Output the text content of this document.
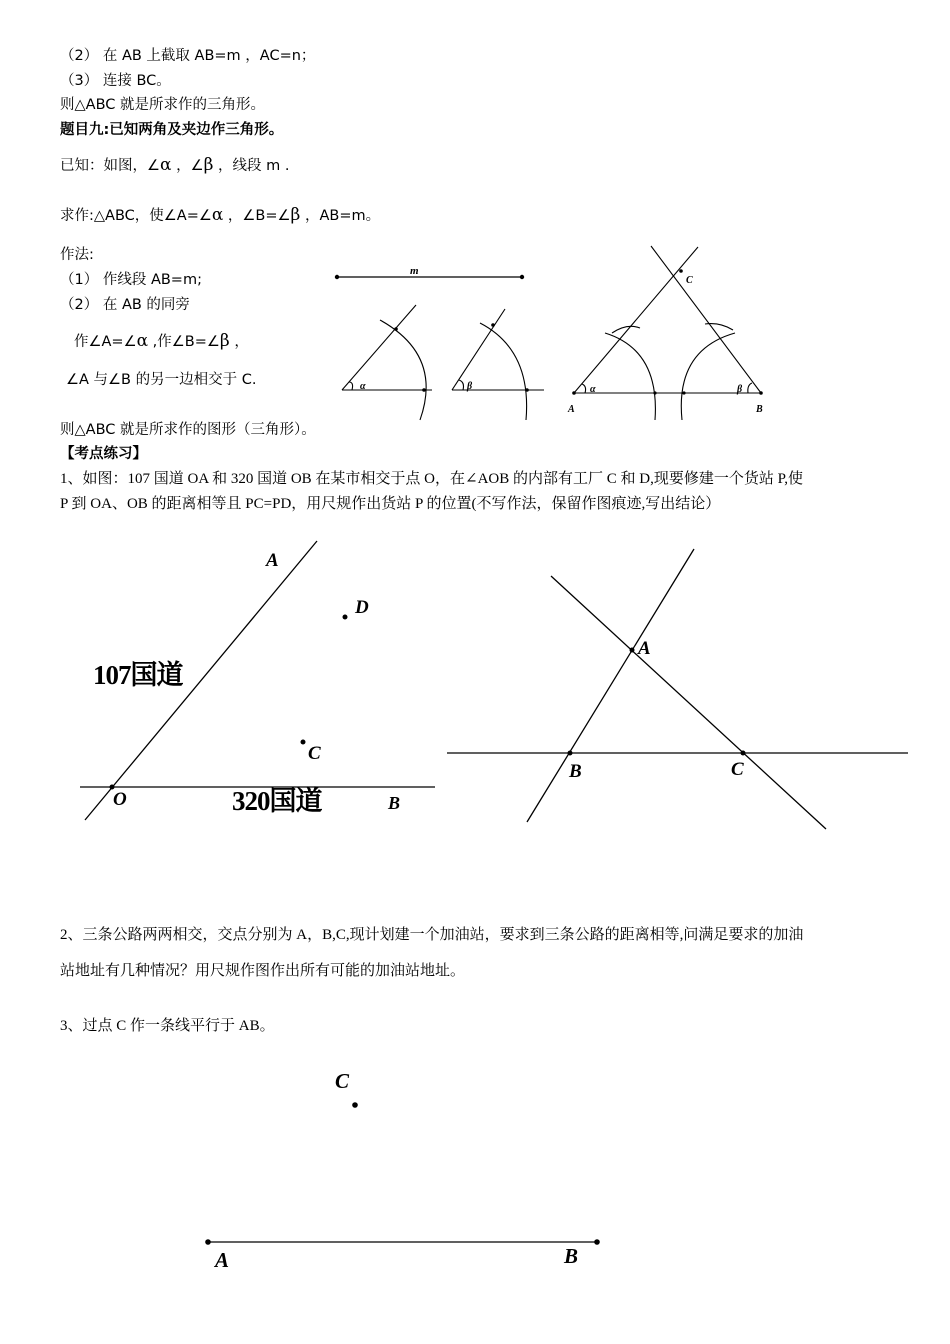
（2） 在 AB 上截取 AB=m ，AC=n；
（3） 连接 BC。
则△ABC 就是所求作的三角形。
题目九:已知两角及夹边作三角形。
已知：如图，∠α ，∠β ，线段 m .
求作:△ABC，使∠A=∠α ，∠B=∠β ，AB=m。
作法:
（1） 作线段 AB=m;
（2） 在 AB 的同旁
作∠A=∠α ,作∠B=∠β ，
∠A 与∠B 的另一边相交于 C.
则△ABC 就是所求作的图形（三角形）。
【考点练习】
1、如图：107 国道 OA 和 320 国道 OB 在某市相交于点 O，在∠AOB 的内部有工厂 C 和 D,现要修建一个货站 P,使
P 到 OA、OB 的距离相等且 PC=PD，用尺规作出货站 P 的位置(不写作法，保留作图痕迹,写出结论）
2、三条公路两两相交，交点分别为 A，B,C,现计划建一个加油站，要求到三条公路的距离相等,问满足要求的加油
站地址有几种情况？用尺规作图作出所有可能的加油站地址。
3、过点 C 作一条线平行于 AB。
m
α	β	α	β
A	B
C
A
D
107国道
C
O	320国道	B
A
B	C
C
A	B
